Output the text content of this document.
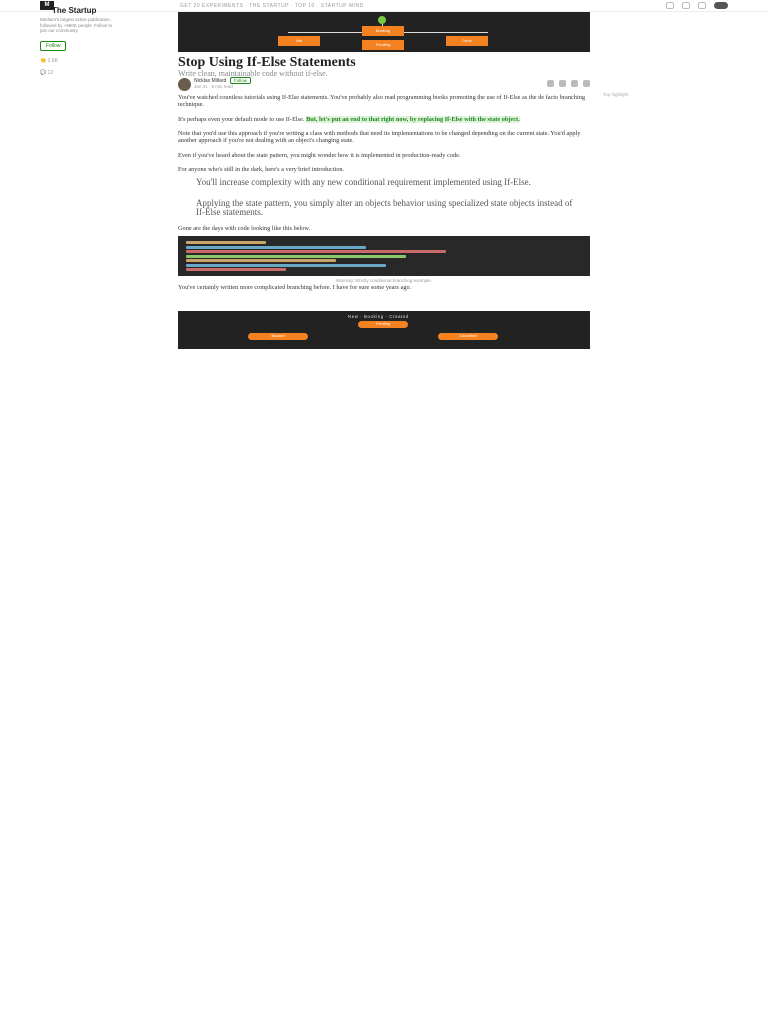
M	GET 20 EXPERIMENTS · THE STARTUP · TOP 10 · STARTUP MIND
The Startup
Medium's largest active publication, followed by +680K people. Follow to join our community.
Follow
👏 1.5K
💬 12
Idle
Booking
Pending
Done
Stop Using If-Else Statements
Write clean, maintainable code without if-else.
Nicklas Millard	Follow
Jan 31 · 8 min read
Top highlight
You've watched countless tutorials using If-Else statements. You've probably also read programming books promoting the use of If-Else as the de facto branching technique.
It's perhaps even your default mode to use If-Else. But, let's put an end to that right now, by replacing If-Else with the state object.
Note that you'd use this approach if you're writing a class with methods that need its implementations to be changed depending on the current state. You'd apply another approach if you're not dealing with an object's changing state.
Even if you've heard about the state pattern, you might wonder how it is implemented in production-ready code.
For anyone who's still in the dark, here's a very brief introduction.
You'll increase complexity with any new conditional requirement implemented using If-Else.
Applying the state pattern, you simply alter an objects behavior using specialized state objects instead of If-Else statements.
Gone are the days with code looking like this below.
Warning: Strictly conditional branching example.
You've certainly written more complicated branching before. I have for sure some years ago.
New · Booking · Created
Pending
Booked	Cancelled
